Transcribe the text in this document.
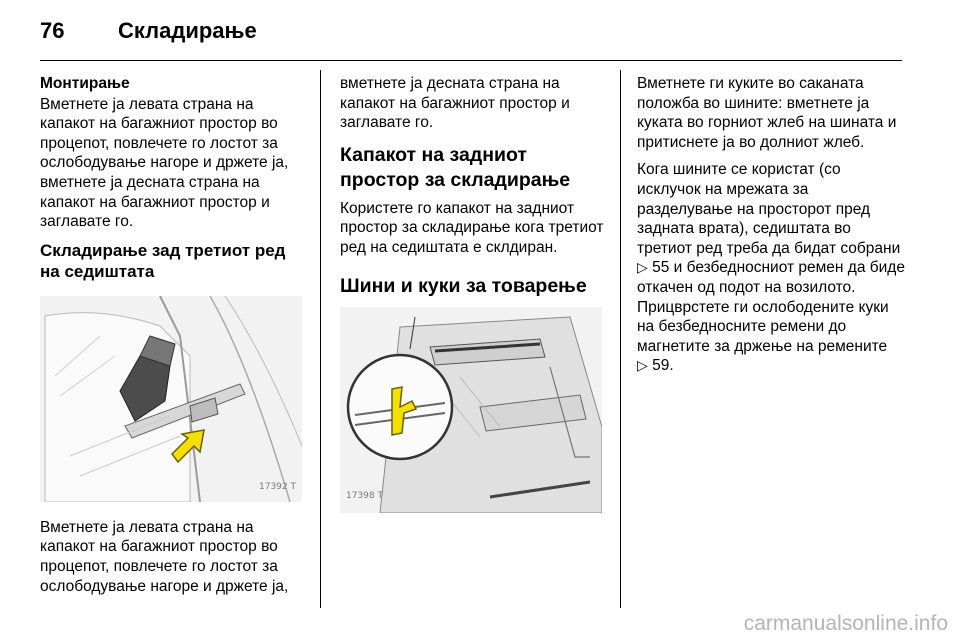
76	Складирање
Монтирање

Вметнете ја левата страна на капакот на багажниот простор во процепот, повлечете го лостот за ослободување нагоре и држете ја, вметнете ја десната страна на капакот на багажниот простор и заглавате го.

Складирање зад третиот ред на седиштата
17392 T

Вметнете ја левата страна на капакот на багажниот простор во процепот, повлечете го лостот за ослободување нагоре и држете ја,

вметнете ја десната страна на капакот на багажниот простор и заглавате го.

Капакот на задниот простор за складирање

Користете го капакот на задниот простор за складирање кога третиот ред на седиштата е склдиран.

Шини и куки за товарење
17398 T

Вметнете ги куките во саканата положба во шините: вметнете ја куката во горниот жлеб на шината и притиснете ја во долниот жлеб.

Кога шините се користат (со исклучок на мрежата за разделување на просторот пред задната врата), седиштата во третиот ред треба да бидат собрани ▷ 55 и безбедносниот ремен да биде откачен од подот на возилото. Прицврстете ги ослободените куки на безбедносните ремени до магнетите за држење на ремените
▷ 59.

carmanualsonline.info
